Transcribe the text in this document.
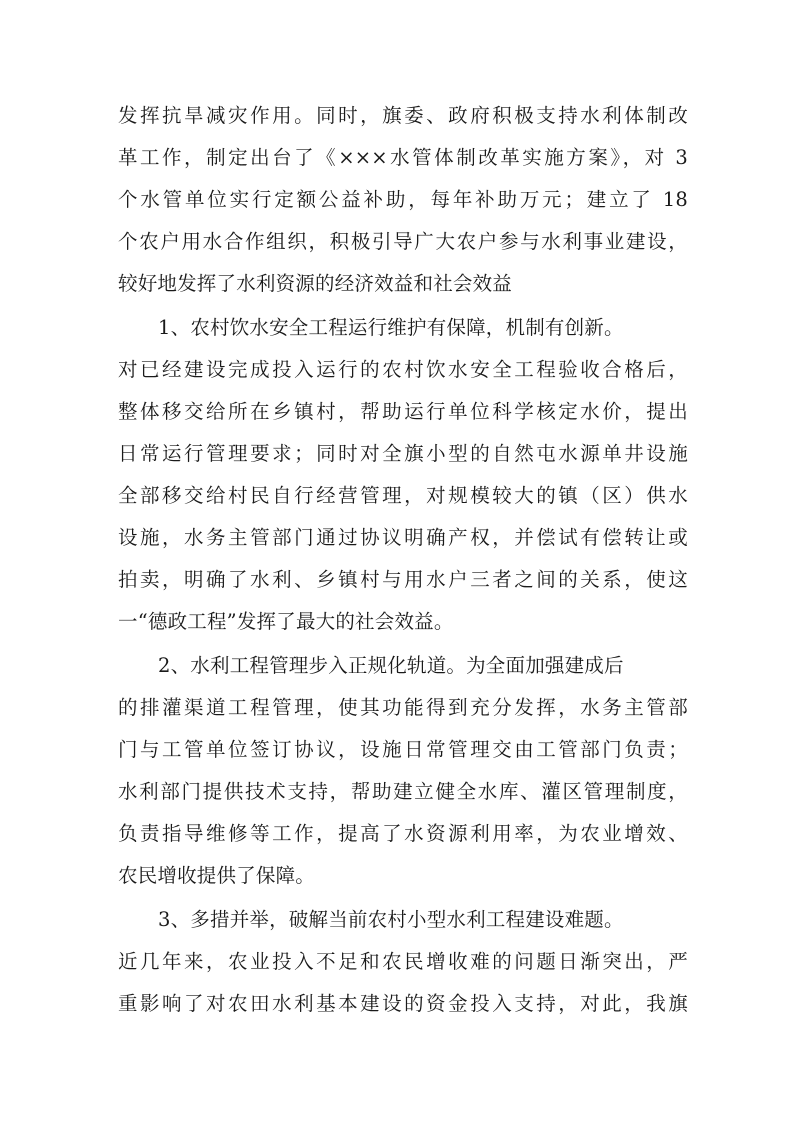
发挥抗旱减灾作用。同时，旗委、政府积极支持水利体制改
革工作，制定出台了《×××水管体制改革实施方案》，对 3
个水管单位实行定额公益补助，每年补助万元；建立了 18
个农户用水合作组织，积极引导广大农户参与水利事业建设，
较好地发挥了水利资源的经济效益和社会效益
1、农村饮水安全工程运行维护有保障，机制有创新。
对已经建设完成投入运行的农村饮水安全工程验收合格后，
整体移交给所在乡镇村，帮助运行单位科学核定水价，提出
日常运行管理要求；同时对全旗小型的自然屯水源单井设施
全部移交给村民自行经营管理，对规模较大的镇（区）供水
设施，水务主管部门通过协议明确产权，并偿试有偿转让或
拍卖，明确了水利、乡镇村与用水户三者之间的关系，使这
一“德政工程”发挥了最大的社会效益。
2、水利工程管理步入正规化轨道。为全面加强建成后
的排灌渠道工程管理，使其功能得到充分发挥，水务主管部
门与工管单位签订协议，设施日常管理交由工管部门负责；
水利部门提供技术支持，帮助建立健全水库、灌区管理制度，
负责指导维修等工作，提高了水资源利用率，为农业增效、
农民增收提供了保障。
3、多措并举，破解当前农村小型水利工程建设难题。
近几年来，农业投入不足和农民增收难的问题日渐突出，严
重影响了对农田水利基本建设的资金投入支持，对此，我旗
